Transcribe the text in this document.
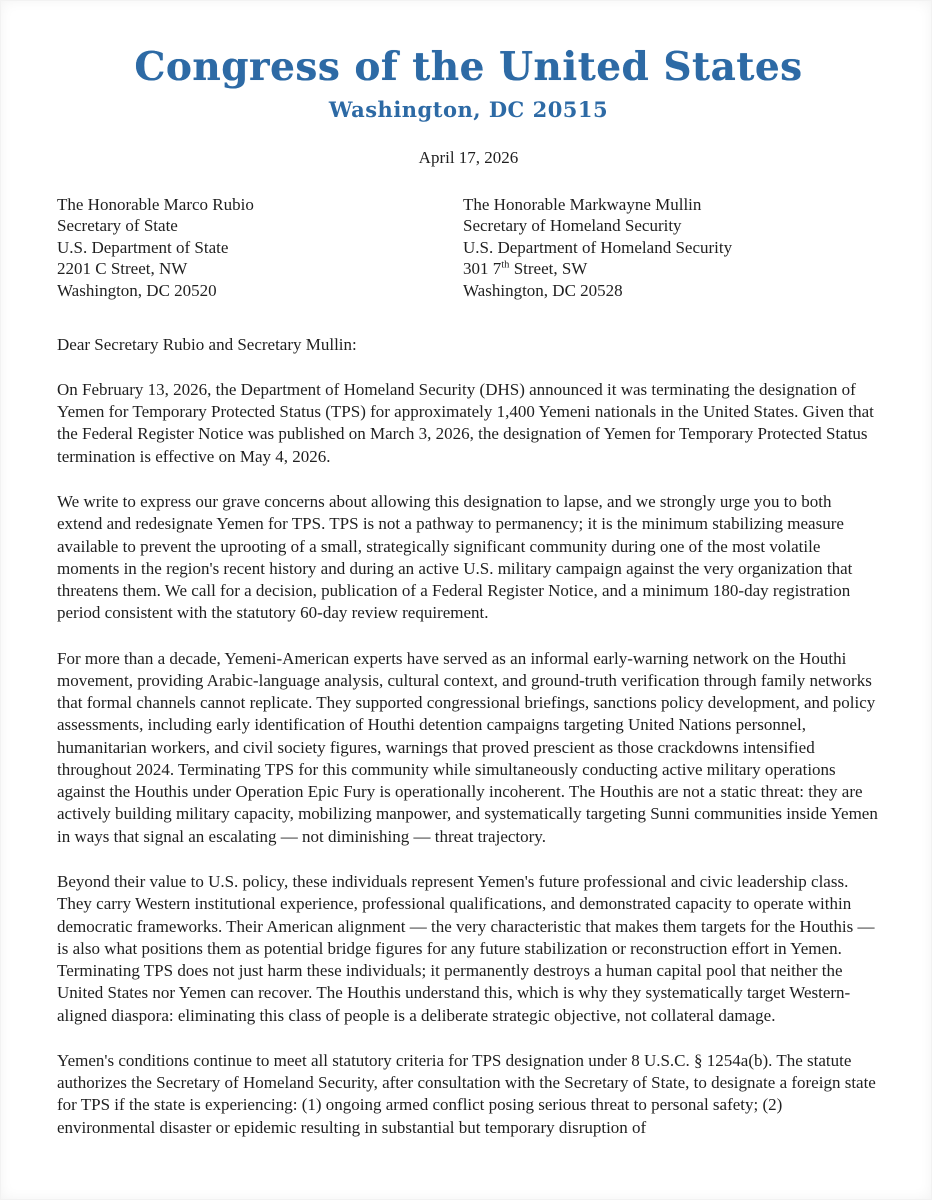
Congress of the United States
Washington, DC 20515
April 17, 2026
The Honorable Marco Rubio
Secretary of State
U.S. Department of State
2201 C Street, NW
Washington, DC 20520
The Honorable Markwayne Mullin
Secretary of Homeland Security
U.S. Department of Homeland Security
301 7th Street, SW
Washington, DC 20528
Dear Secretary Rubio and Secretary Mullin:

On February 13, 2026, the Department of Homeland Security (DHS) announced it was terminating the designation of Yemen for Temporary Protected Status (TPS) for approximately 1,400 Yemeni nationals in the United States. Given that the Federal Register Notice was published on March 3, 2026, the designation of Yemen for Temporary Protected Status termination is effective on May 4, 2026.

We write to express our grave concerns about allowing this designation to lapse, and we strongly urge you to both extend and redesignate Yemen for TPS. TPS is not a pathway to permanency; it is the minimum stabilizing measure available to prevent the uprooting of a small, strategically significant community during one of the most volatile moments in the region's recent history and during an active U.S. military campaign against the very organization that threatens them. We call for a decision, publication of a Federal Register Notice, and a minimum 180-day registration period consistent with the statutory 60-day review requirement.

For more than a decade, Yemeni-American experts have served as an informal early-warning network on the Houthi movement, providing Arabic-language analysis, cultural context, and ground-truth verification through family networks that formal channels cannot replicate. They supported congressional briefings, sanctions policy development, and policy assessments, including early identification of Houthi detention campaigns targeting United Nations personnel, humanitarian workers, and civil society figures, warnings that proved prescient as those crackdowns intensified throughout 2024. Terminating TPS for this community while simultaneously conducting active military operations against the Houthis under Operation Epic Fury is operationally incoherent. The Houthis are not a static threat: they are actively building military capacity, mobilizing manpower, and systematically targeting Sunni communities inside Yemen in ways that signal an escalating — not diminishing — threat trajectory.

Beyond their value to U.S. policy, these individuals represent Yemen's future professional and civic leadership class. They carry Western institutional experience, professional qualifications, and demonstrated capacity to operate within democratic frameworks. Their American alignment — the very characteristic that makes them targets for the Houthis — is also what positions them as potential bridge figures for any future stabilization or reconstruction effort in Yemen. Terminating TPS does not just harm these individuals; it permanently destroys a human capital pool that neither the United States nor Yemen can recover. The Houthis understand this, which is why they systematically target Western-aligned diaspora: eliminating this class of people is a deliberate strategic objective, not collateral damage.

Yemen's conditions continue to meet all statutory criteria for TPS designation under 8 U.S.C. § 1254a(b). The statute authorizes the Secretary of Homeland Security, after consultation with the Secretary of State, to designate a foreign state for TPS if the state is experiencing: (1) ongoing armed conflict posing serious threat to personal safety; (2) environmental disaster or epidemic resulting in substantial but temporary disruption of
